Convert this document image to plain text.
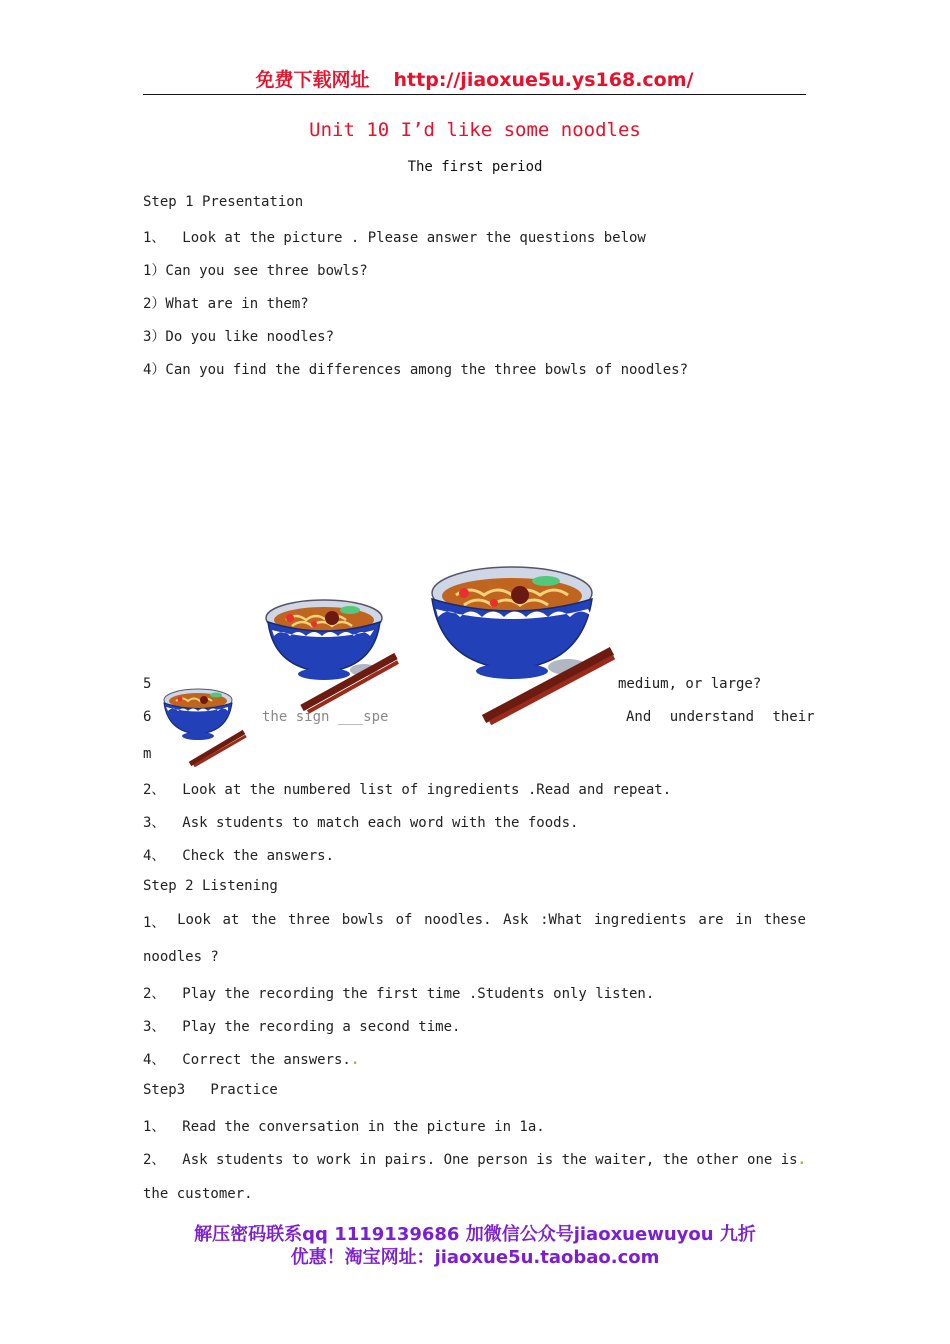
免费下载网址 http://jiaoxue5u.ys168.com/
Unit 10 I’d like some noodles
The first period
Step 1 Presentation
1、  Look at the picture . Please answer the questions below
1）Can you see three bowls?
2）What are in them?
3）Do you like noodles?
4）Can you find the differences among the three bowls of noodles?
5	medium, or large?
6	the sign ___spe	And understand their
m
2、  Look at the numbered list of ingredients .Read and repeat.
3、  Ask students to match each word with the foods.
4、  Check the answers.
Step 2 Listening
1、 Look at the three bowls of noodles. Ask :What ingredients are in these
noodles ?
2、  Play the recording the first time .Students only listen.
3、  Play the recording a second time.
4、  Correct the answers..
Step3   Practice
1、  Read the conversation in the picture in 1a.
2、  Ask students to work in pairs. One person is the waiter, the other one is.
the customer.
解压密码联系qq 1119139686 加微信公众号jiaoxuewuyou 九折
优惠！淘宝网址：jiaoxue5u.taobao.com
